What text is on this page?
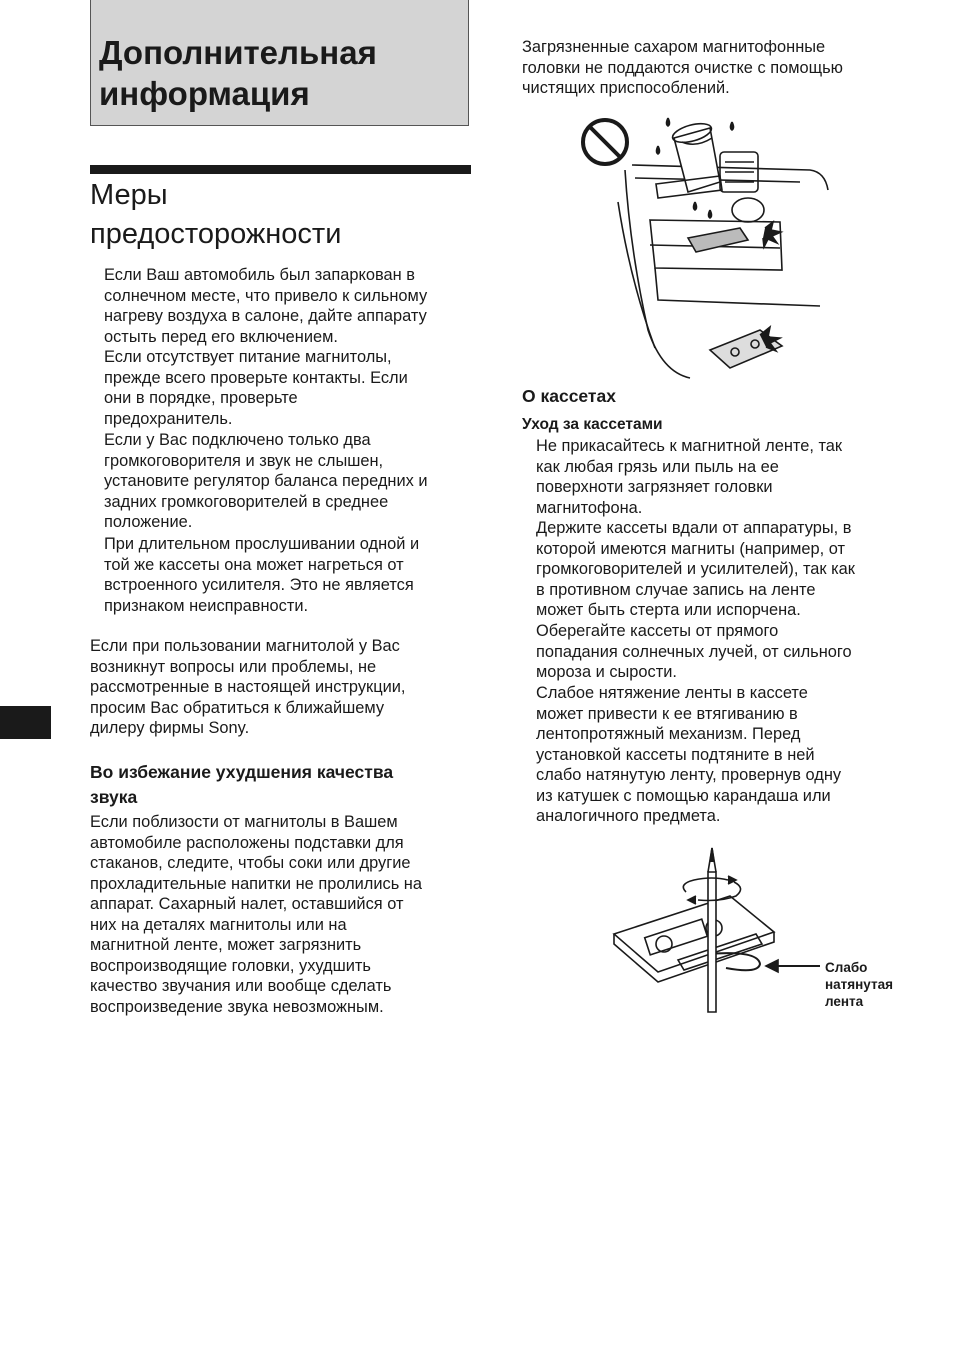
Дополнительная
информация
Меры
предосторожности

Если Ваш автомобиль был запаркован в
солнечном месте, что привело к сильному
нагреву воздуха в салоне, дайте аппарату
остыть перед его включением.

Если отсутствует питание магнитолы,
прежде всего проверьте контакты. Если
они в порядке, проверьте
предохранитель.

Если у Вас подключено только два
громкоговорителя и звук не слышен,
установите регулятор баланса передних и
задних громкоговорителей в среднее
положение.

При длительном прослушивании одной и
той же кассеты она может нагреться от
встроенного усилителя. Это не является
признаком неисправности.

Если при пользовании магнитолой у Вас
возникнут вопросы или проблемы, не
рассмотренные в настоящей инструкции,
просим Вас обратиться к ближайшему
дилеру фирмы Sony.

Во избежание ухудшения качества
звука

Если поблизости от магнитолы в Вашем
автомобиле расположены подставки для
стаканов, следите, чтобы соки или другие
прохладительные напитки не пролились на
аппарат. Сахарный налет, оставшийся от
них на деталях магнитолы или на
магнитной ленте, может загрязнить
воспроизводящие головки, ухудшить
качество звучания или вообще сделать
воспроизведение звука невозможным.

Загрязненные сахаром магнитофонные
головки не поддаются очистке с помощью
чистящих приспособлений.

О кассетах
Уход за кассетами

Не прикасайтесь к магнитной ленте, так
как любая грязь или пыль на ее
поверхноти загрязняет головки
магнитофона.

Держите кассеты вдали от аппаратуры, в
которой имеются магниты (например, от
громкоговорителей и усилителей), так как
в противном случае запись на ленте
может быть стерта или испорчена.

Оберегайте кассеты от прямого
попадания солнечных лучей, от сильного
мороза и сырости.

Слабое нятяжение ленты в кассете
может привести к ее втягиванию в
лентопротяжный механизм. Перед
установкой кассеты подтяните в ней
слабо натянутую ленту, провернув одну
из катушек с помощью карандаша или
аналогичного предмета.

Слабо
натянутая
лента
